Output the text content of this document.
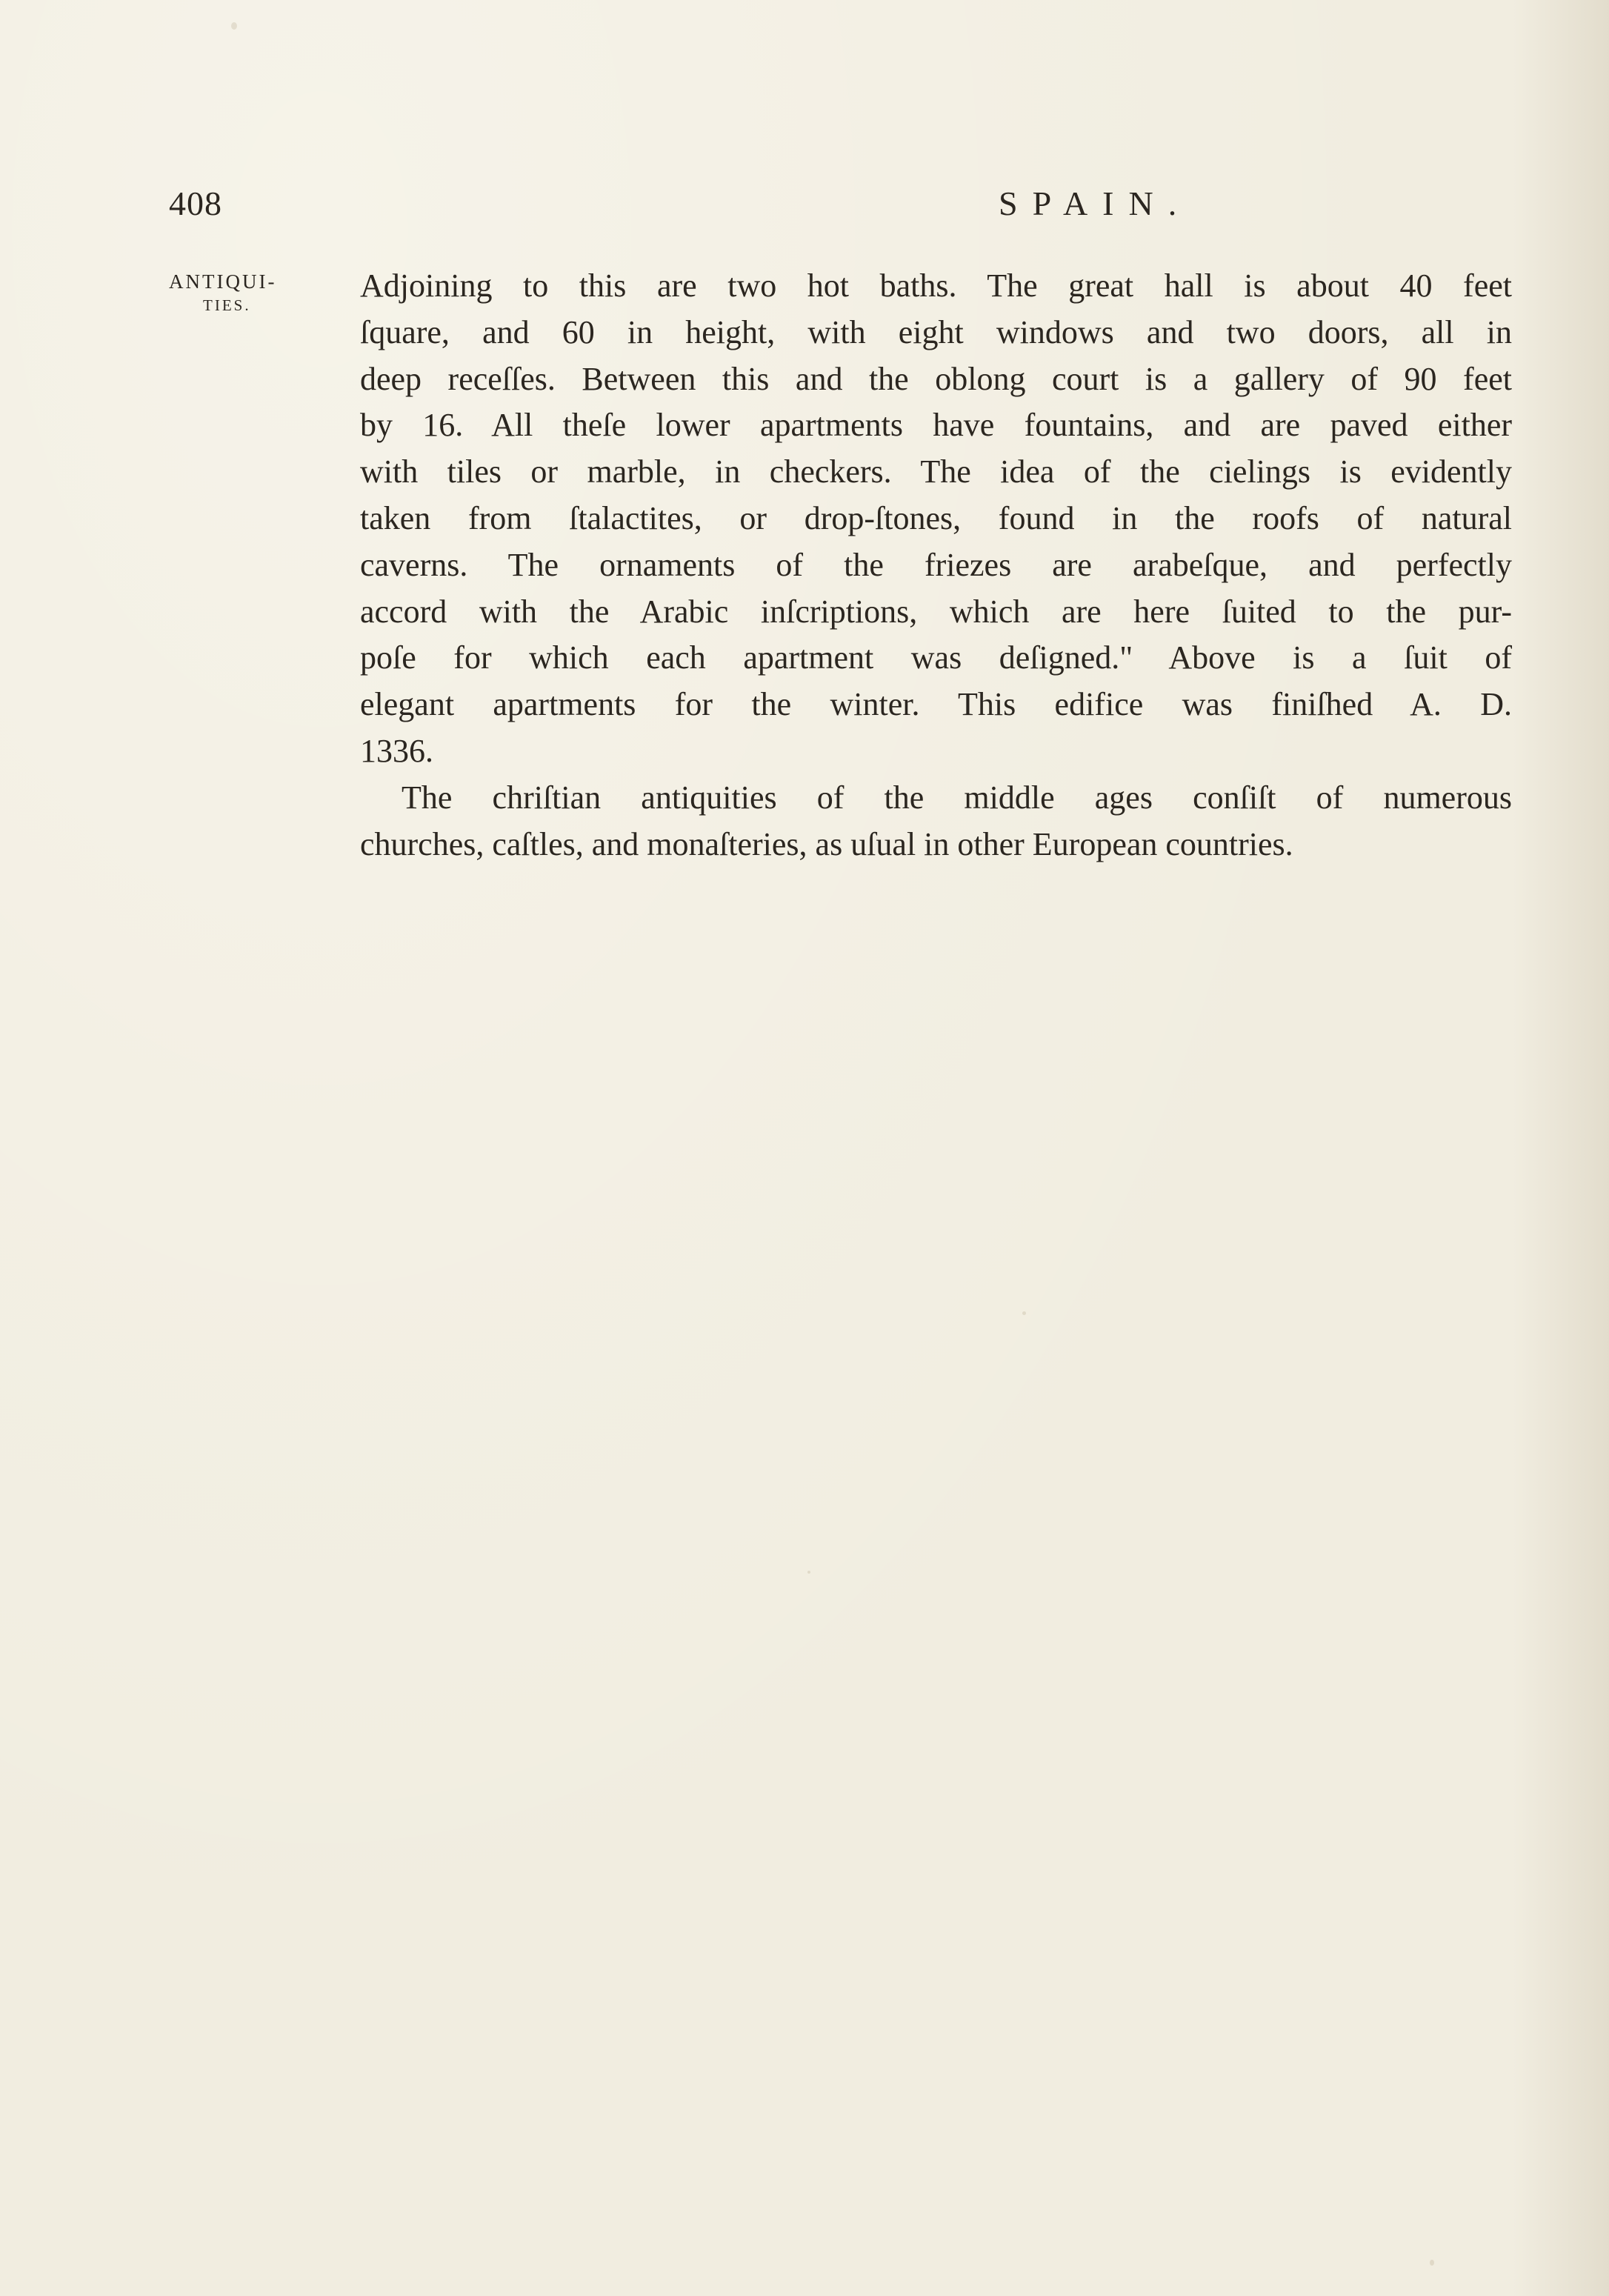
408	SPAIN.
ANTIQUI-
TIES.
Adjoining to this are two hot baths. The great hall is about 40 feet
ſquare, and 60 in height, with eight windows and two doors, all in
deep receſſes. Between this and the oblong court is a gallery of 90 feet
by 16. All theſe lower apartments have fountains, and are paved either
with tiles or marble, in checkers. The idea of the cielings is evidently
taken from ſtalactites, or drop-ſtones, found in the roofs of natural
caverns. The ornaments of the friezes are arabeſque, and perfectly
accord with the Arabic inſcriptions, which are here ſuited to the pur-
poſe for which each apartment was deſigned." Above is a ſuit of
elegant apartments for the winter. This edifice was finiſhed A. D.
1336.
The chriſtian antiquities of the middle ages conſiſt of numerous
churches, caſtles, and monaſteries, as uſual in other European countries.
